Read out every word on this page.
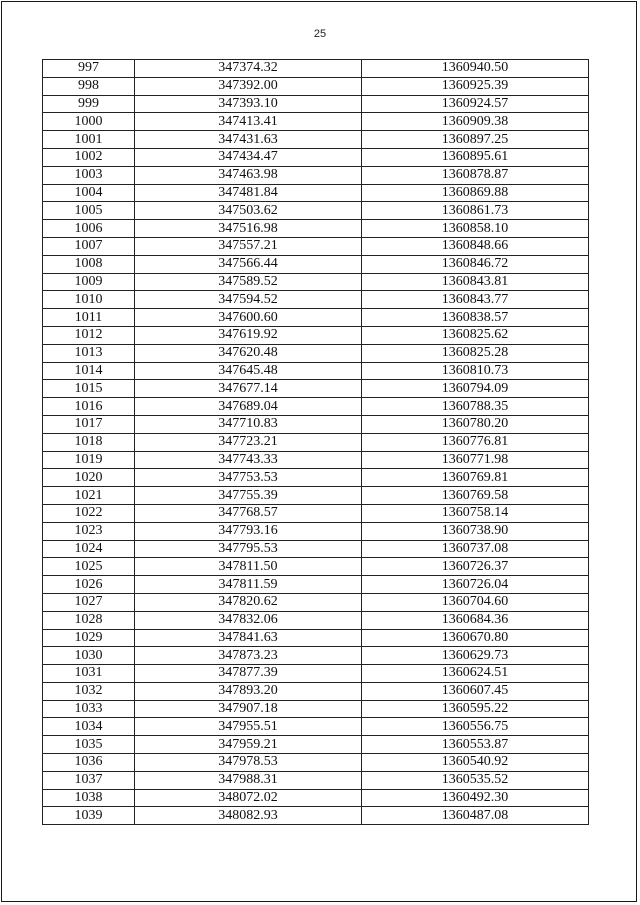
25
997	347374.32	1360940.50
998	347392.00	1360925.39
999	347393.10	1360924.57
1000	347413.41	1360909.38
1001	347431.63	1360897.25
1002	347434.47	1360895.61
1003	347463.98	1360878.87
1004	347481.84	1360869.88
1005	347503.62	1360861.73
1006	347516.98	1360858.10
1007	347557.21	1360848.66
1008	347566.44	1360846.72
1009	347589.52	1360843.81
1010	347594.52	1360843.77
1011	347600.60	1360838.57
1012	347619.92	1360825.62
1013	347620.48	1360825.28
1014	347645.48	1360810.73
1015	347677.14	1360794.09
1016	347689.04	1360788.35
1017	347710.83	1360780.20
1018	347723.21	1360776.81
1019	347743.33	1360771.98
1020	347753.53	1360769.81
1021	347755.39	1360769.58
1022	347768.57	1360758.14
1023	347793.16	1360738.90
1024	347795.53	1360737.08
1025	347811.50	1360726.37
1026	347811.59	1360726.04
1027	347820.62	1360704.60
1028	347832.06	1360684.36
1029	347841.63	1360670.80
1030	347873.23	1360629.73
1031	347877.39	1360624.51
1032	347893.20	1360607.45
1033	347907.18	1360595.22
1034	347955.51	1360556.75
1035	347959.21	1360553.87
1036	347978.53	1360540.92
1037	347988.31	1360535.52
1038	348072.02	1360492.30
1039	348082.93	1360487.08
